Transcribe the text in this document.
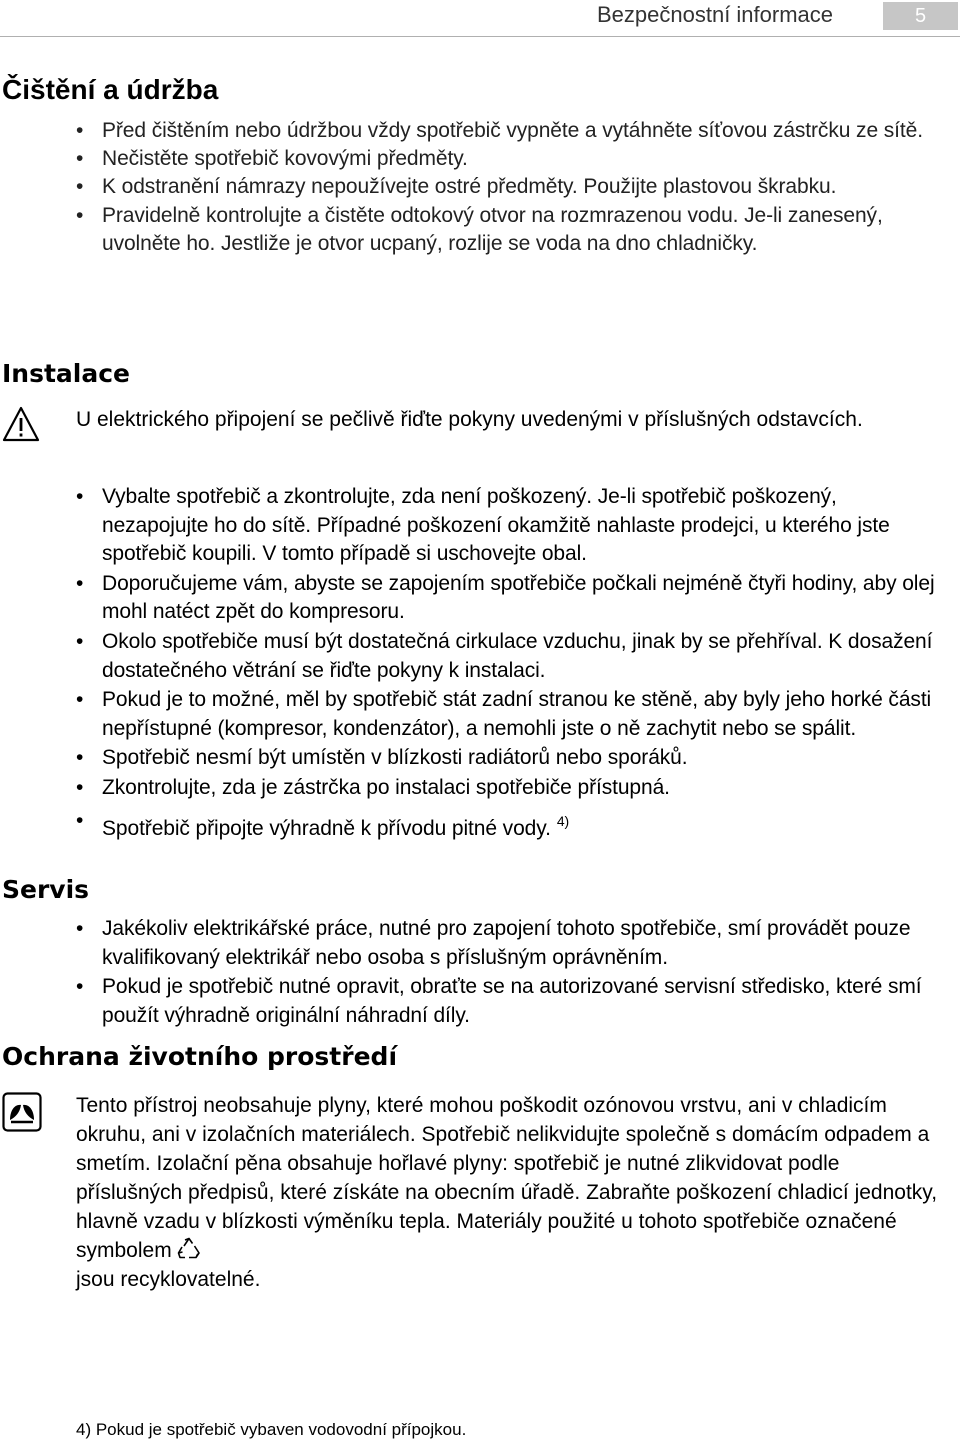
Bezpečnostní informace	5
Čištění a údržba
• Před čištěním nebo údržbou vždy spotřebič vypněte a vytáhněte síťovou zástrčku ze sítě.
• Nečistěte spotřebič kovovými předměty.
• K odstranění námrazy nepoužívejte ostré předměty. Použijte plastovou škrabku.
• Pravidelně kontrolujte a čistěte odtokový otvor na rozmrazenou vodu. Je-li zanesený, uvolněte ho. Jestliže je otvor ucpaný, rozlije se voda na dno chladničky.
Instalace

U elektrického připojení se pečlivě řiďte pokyny uvedenými v příslušných odstavcích.

• Vybalte spotřebič a zkontrolujte, zda není poškozený. Je-li spotřebič poškozený, nezapojujte ho do sítě. Případné poškození okamžitě nahlaste prodejci, u kterého jste spotřebič koupili. V tomto případě si uschovejte obal.
• Doporučujeme vám, abyste se zapojením spotřebiče počkali nejméně čtyři hodiny, aby olej mohl natéct zpět do kompresoru.
• Okolo spotřebiče musí být dostatečná cirkulace vzduchu, jinak by se přehříval. K dosažení dostatečného větrání se řiďte pokyny k instalaci.
• Pokud je to možné, měl by spotřebič stát zadní stranou ke stěně, aby byly jeho horké části nepřístupné (kompresor, kondenzátor), a nemohli jste o ně zachytit nebo se spálit.
• Spotřebič nesmí být umístěn v blízkosti radiátorů nebo sporáků.
• Zkontrolujte, zda je zástrčka po instalaci spotřebiče přístupná.
• Spotřebič připojte výhradně k přívodu pitné vody. $^{4)}$
Servis
• Jakékoliv elektrikářské práce, nutné pro zapojení tohoto spotřebiče, smí provádět pouze kvalifikovaný elektrikář nebo osoba s příslušným oprávněním.
• Pokud je spotřebič nutné opravit, obraťte se na autorizované servisní středisko, které smí použít výhradně originální náhradní díly.
Ochrana životního prostředí

Tento přístroj neobsahuje plyny, které mohou poškodit ozónovou vrstvu, ani v chladicím okruhu, ani v izolačních materiálech. Spotřebič nelikvidujte společně s domácím odpadem a smetím. Izolační pěna obsahuje hořlavé plyny: spotřebič je nutné zlikvidovat podle příslušných předpisů, které získáte na obecním úřadě. Zabraňte poškození chladicí jednotky, hlavně vzadu v blízkosti výměníku tepla. Materiály použité u tohoto spotřebiče označené symbolem
jsou recyklovatelné.

4) Pokud je spotřebič vybaven vodovodní přípojkou.
